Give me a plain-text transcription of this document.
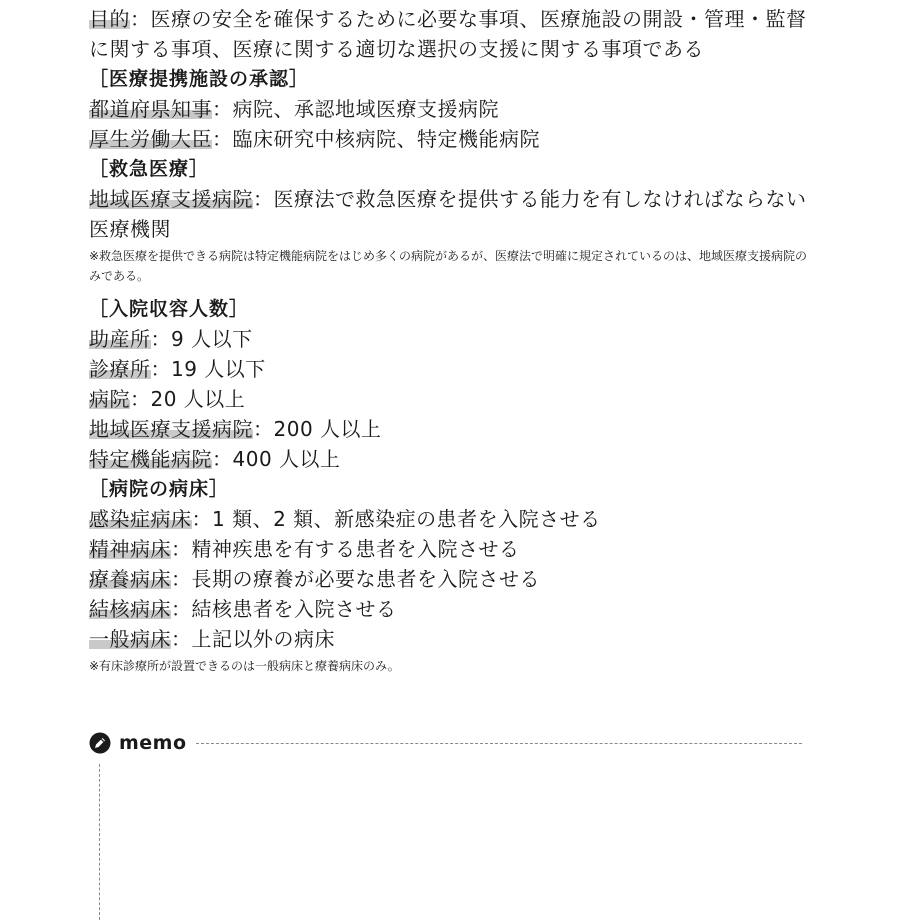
目的：医療の安全を確保するために必要な事項、医療施設の開設・管理・監督に関する事項、医療に関する適切な選択の支援に関する事項である
［医療提携施設の承認］
都道府県知事：病院、承認地域医療支援病院
厚生労働大臣：臨床研究中核病院、特定機能病院
［救急医療］
地域医療支援病院：医療法で救急医療を提供する能力を有しなければならない医療機関
※救急医療を提供できる病院は特定機能病院をはじめ多くの病院があるが、医療法で明確に規定されているのは、地域医療支援病院のみである。
［入院収容人数］
助産所：9 人以下
診療所：19 人以下
病院：20 人以上
地域医療支援病院：200 人以上
特定機能病院：400 人以上
［病院の病床］
感染症病床：1 類、2 類、新感染症の患者を入院させる
精神病床：精神疾患を有する患者を入院させる
療養病床：長期の療養が必要な患者を入院させる
結核病床：結核患者を入院させる
一般病床：上記以外の病床
※有床診療所が設置できるのは一般病床と療養病床のみ。
memo
